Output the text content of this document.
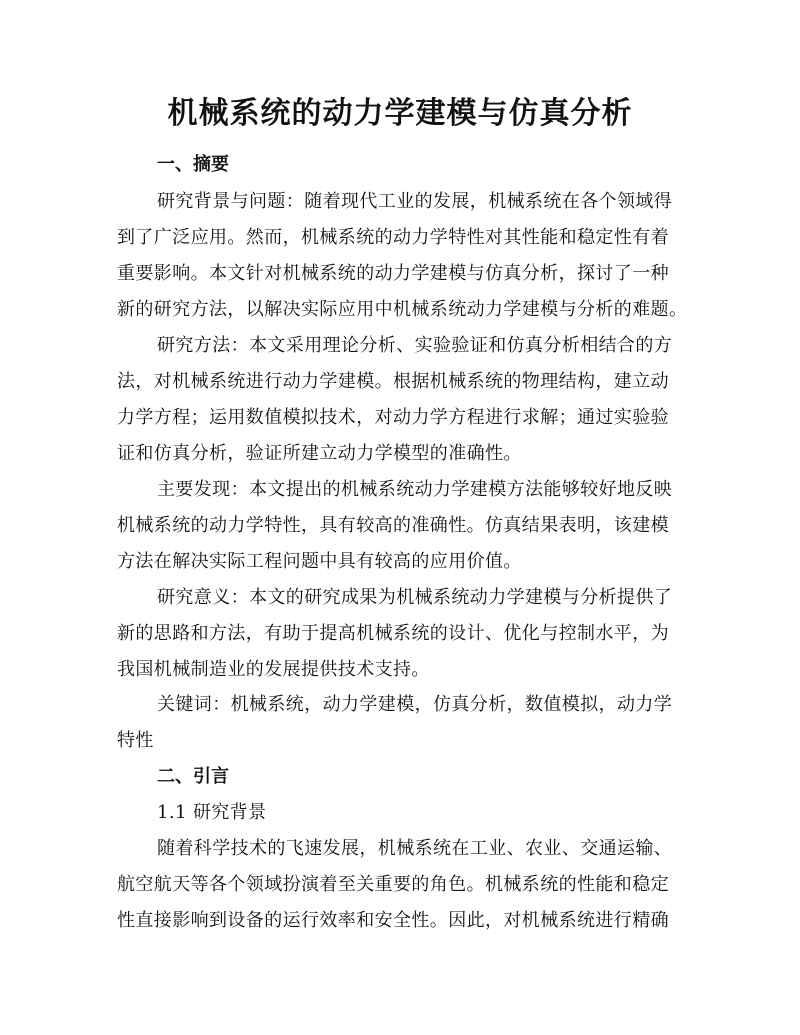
机械系统的动力学建模与仿真分析
一、摘要
研究背景与问题：随着现代工业的发展，机械系统在各个领域得
到了广泛应用。然而，机械系统的动力学特性对其性能和稳定性有着
重要影响。本文针对机械系统的动力学建模与仿真分析，探讨了一种
新的研究方法，以解决实际应用中机械系统动力学建模与分析的难题。
研究方法：本文采用理论分析、实验验证和仿真分析相结合的方
法，对机械系统进行动力学建模。根据机械系统的物理结构，建立动
力学方程；运用数值模拟技术，对动力学方程进行求解；通过实验验
证和仿真分析，验证所建立动力学模型的准确性。
主要发现：本文提出的机械系统动力学建模方法能够较好地反映
机械系统的动力学特性，具有较高的准确性。仿真结果表明，该建模
方法在解决实际工程问题中具有较高的应用价值。
研究意义：本文的研究成果为机械系统动力学建模与分析提供了
新的思路和方法，有助于提高机械系统的设计、优化与控制水平，为
我国机械制造业的发展提供技术支持。
关键词：机械系统，动力学建模，仿真分析，数值模拟，动力学
特性
二、引言
1.1 研究背景
随着科学技术的飞速发展，机械系统在工业、农业、交通运输、
航空航天等各个领域扮演着至关重要的角色。机械系统的性能和稳定
性直接影响到设备的运行效率和安全性。因此，对机械系统进行精确
